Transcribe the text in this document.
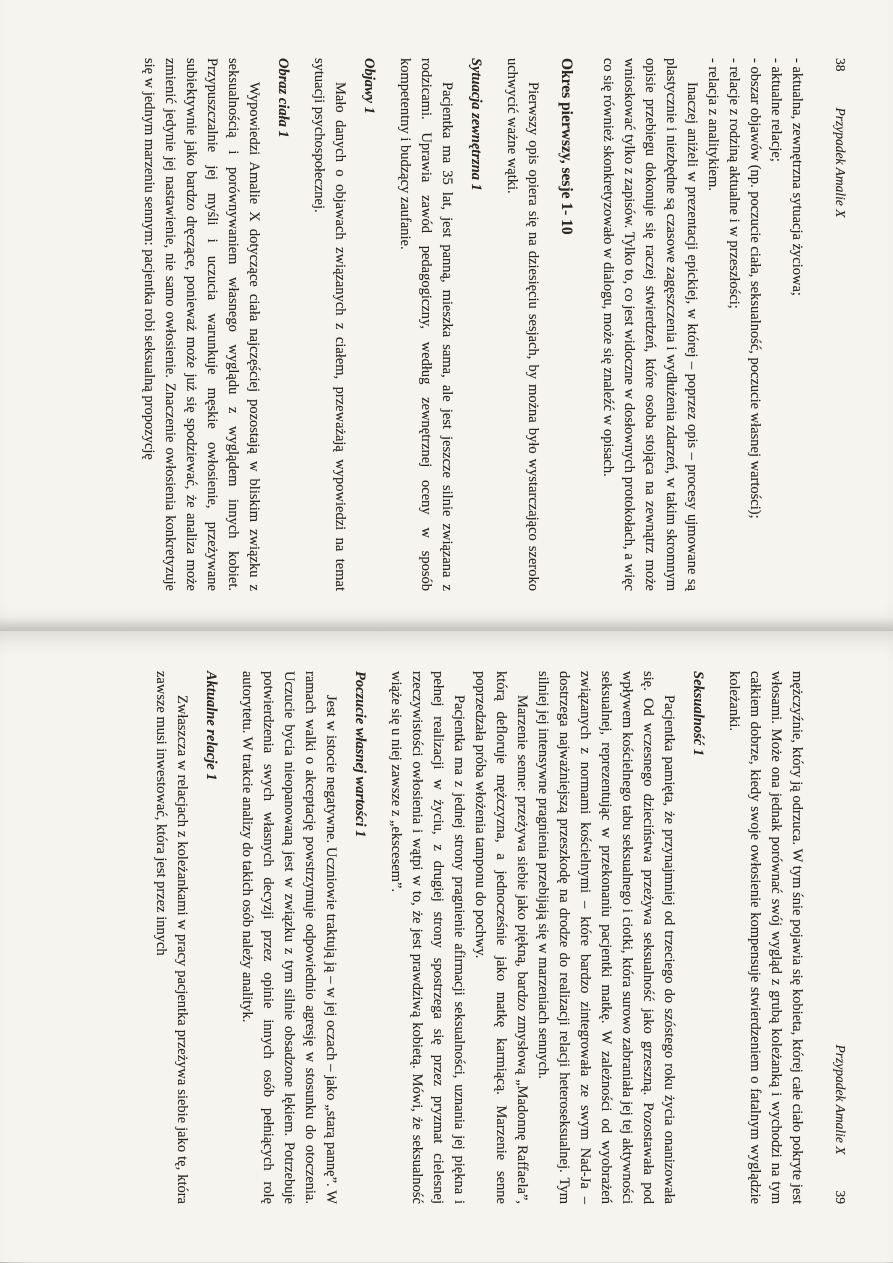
38
Przypadek Amalie X
- aktualna, zewnętrzna sytuacja życiowa;
- aktualne relacje;
- obszar objawów (np. poczucie ciała, seksualność, poczucie własnej wartości);
- relacje z rodziną aktualne i w przeszłości;
- relacja z analitykiem.

Inaczej aniżeli w prezentacji epickiej, w której – poprzez opis – procesy ujmowane są plastycznie i niezbędne są czasowe zagęszczenia i wydłużenia zdarzeń, w takim skromnym opisie przebiegu dokonuje się raczej stwierdzeń, które osoba stojąca na zewnątrz może wnioskować tylko z zapisów. Tylko to, co jest widoczne w dosłownych protokołach, a więc co się również skonkretyzowało w dialogu, może się znaleźć w opisach.

Okres pierwszy, sesje 1- 10

Pierwszy opis opiera się na dziesięciu sesjach, by można było wystarczająco szeroko uchwycić ważne wątki.

Sytuacja zewnętrzna 1

Pacjentka ma 35 lat, jest panną, mieszka sama, ale jest jeszcze silnie związana z rodzicami. Uprawia zawód pedagogiczny, według zewnętrznej oceny w sposób kompetentny i budzący zaufanie.

Objawy 1

Mało danych o objawach związanych z ciałem, przeważają wypowiedzi na temat sytuacji psychospołecznej.

Obraz ciała 1

Wypowiedzi Amalie X dotyczące ciała najczęściej pozostają w bliskim związku z seksualnością i porównywaniem własnego wyglądu z wyglądem innych kobiet. Przypuszczalnie jej myśli i uczucia warunkuje męskie owłosienie, przeżywane subiektywnie jako bardzo dręczące, ponieważ może już się spodziewać, że analiza może zmienić jedynie jej nastawienie, nie samo owłosienie. Znaczenie owłosienia konkretyzuje się w jednym marzeniu sennym: pacjentka robi seksualną propozycję

Przypadek Amalie X
39

mężczyźnie, który ją odrzuca. W tym śnie pojawia się kobieta, której całe ciało pokryte jest włosami. Może ona jednak porównać swój wygląd z grubą koleżanką i wychodzi na tym całkiem dobrze, kiedy swoje owłosienie kompensuje stwierdzeniem o fatalnym wyglądzie koleżanki.

Seksualność 1

Pacjentka pamięta, że przynajmniej od trzeciego do szóstego roku życia onanizowała się. Od wczesnego dzieciństwa przeżywa seksualność jako grzeszną. Pozostawała pod wpływem kościelnego tabu seksualnego i ciotki, która surowo zabraniała jej tej aktywności seksualnej, reprezentując w przekonaniu pacjentki matkę. W zależności od wyobrażeń związanych z normami kościelnymi – które bardzo zintegrowała ze swym Nad-Ja – dostrzega najważniejszą przeszkodę na drodze do realizacji relacji heteroseksualnej. Tym silniej jej intensywne pragnienia przebijają się w marzeniach sennych.

Marzenie senne: przeżywa siebie jako piękną, bardzo zmysłową „Madonnę Raffaela”, którą defloruje mężczyzna, a jednocześnie jako matkę karmiącą. Marzenie senne poprzedzała próba włożenia tamponu do pochwy.

Pacjentka ma z jednej strony pragnienie afirmacji seksualności, uznania jej piękna i pełnej realizacji w życiu, z drugiej strony spostrzega się przez pryzmat cielesnej rzeczywistości owłosienia i wątpi w to, że jest prawdziwą kobietą. Mówi, że seksualność wiąże się u niej zawsze z „ekscesem”.

Poczucie własnej wartości 1

Jest w istocie negatywne. Uczniowie traktują ją – w jej oczach – jako „starą pannę”. W ramach walki o akceptację powstrzymuje odpowiednio agresję w stosunku do otoczenia. Uczucie bycia nieopanowaną jest w związku z tym silnie obsadzone lękiem. Potrzebuje potwierdzenia swych własnych decyzji przez opinie innych osób pełniących rolę autorytetu. W trakcie analizy do takich osób należy analityk.

Aktualne relacje 1

Zwłaszcza w relacjach z koleżankami w pracy pacjentka przeżywa siebie jako tę, która zawsze musi inwestować, która jest przez innych
